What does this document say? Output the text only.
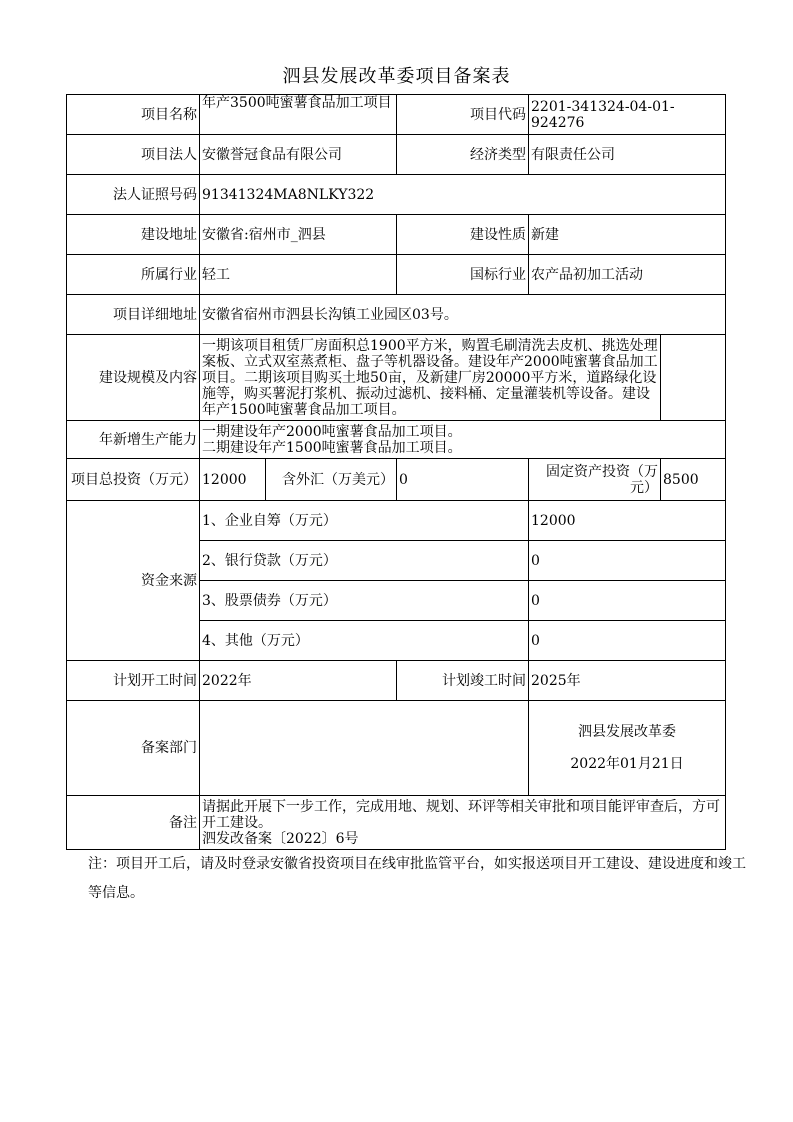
泗县发展改革委项目备案表
项目名称	年产3500吨蜜薯食品加工项目		项目代码	2201-341324-04-01-924276	
项目法人	安徽誉冠食品有限公司		经济类型	有限责任公司	
法人证照号码	91341324MA8NLKY322				
建设地址	安徽省:宿州市_泗县		建设性质	新建	
所属行业	轻工		国标行业	农产品初加工活动	
项目详细地址	安徽省宿州市泗县长沟镇工业园区03号。				
建设规模及内容	一期该项目租赁厂房面积总1900平方米，购置毛刷清洗去皮机、挑选处理案板、立式双室蒸煮柜、盘子等机器设备。建设年产2000吨蜜薯食品加工项目。二期该项目购买土地50亩，及新建厂房20000平方米，道路绿化设施等，购买薯泥打浆机、振动过滤机、接料桶、定量灌装机等设备。建设年产1500吨蜜薯食品加工项目。				
年新增生产能力	一期建设年产2000吨蜜薯食品加工项目。
二期建设年产1500吨蜜薯食品加工项目。				

项目总投资（万元）	12000	含外汇（万美元）	0	固定资产投资（万元）	8500
资金来源	1、企业自筹（万元）			12000	
	2、银行贷款（万元）			0	
	3、股票债券（万元）			0	
	4、其他（万元）			0	
计划开工时间	2022年		计划竣工时间	2025年	
备案部门				泗县发展改革委
2022年01月21日	

备注	请据此开展下一步工作，完成用地、规划、环评等相关审批和项目能评审查后，方可开工建设。
泗发改备案〔2022〕6号				
注：项目开工后，请及时登录安徽省投资项目在线审批监管平台，如实报送项目开工建设、建设进度和竣工等信息。
